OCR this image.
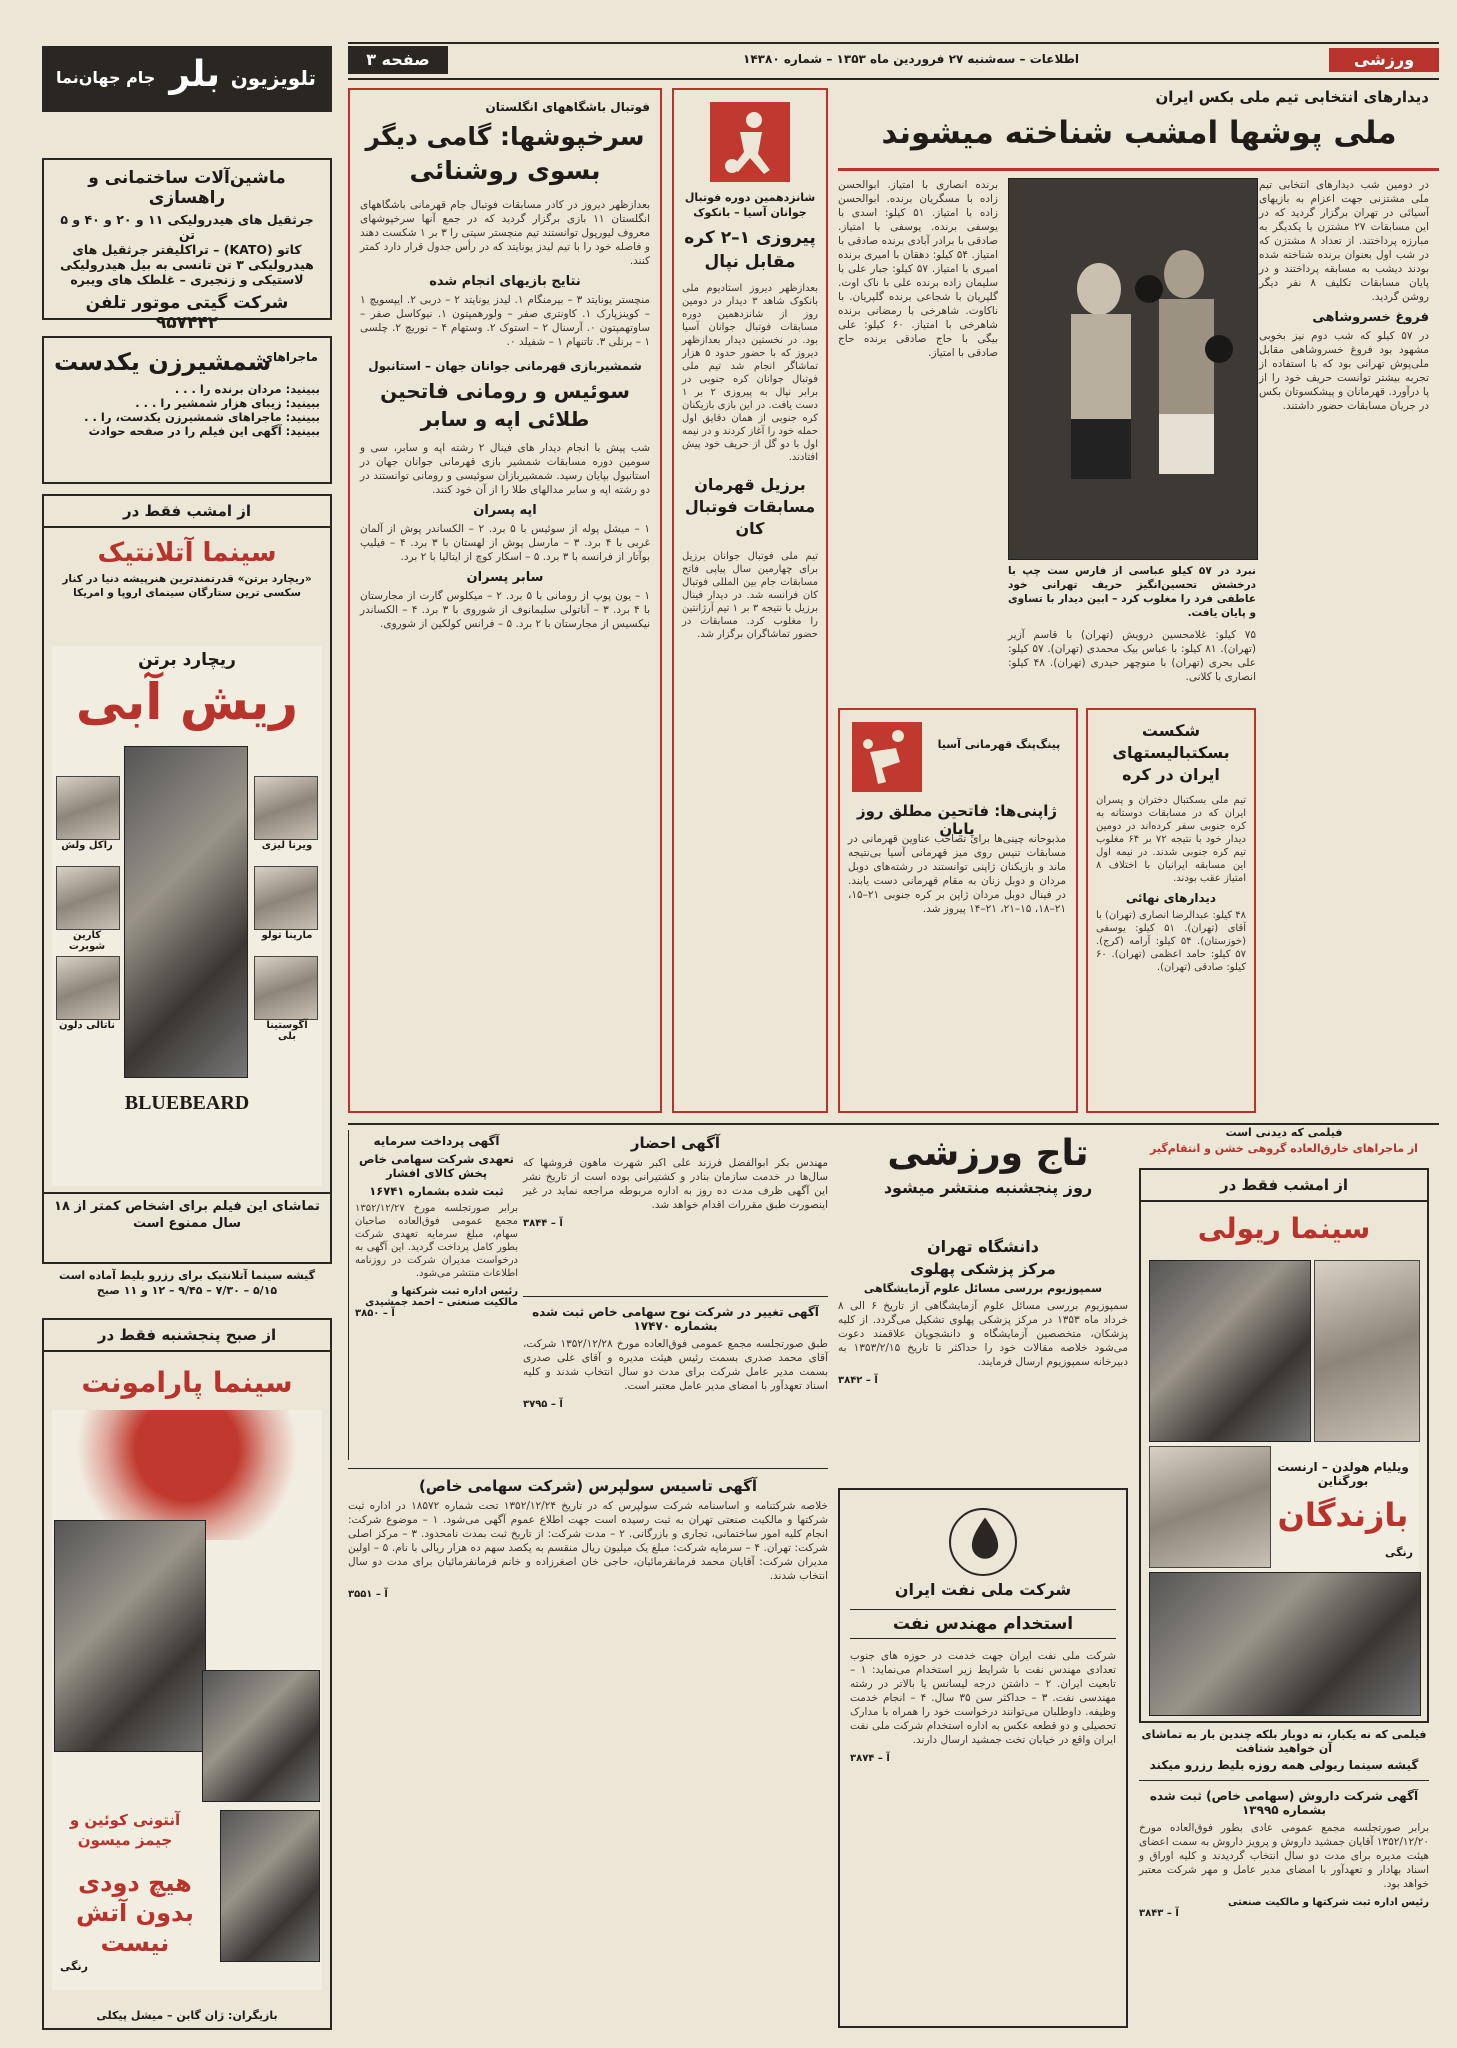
ورزشی
اطلاعات – سه‌شنبه ۲۷ فروردین ماه ۱۳۵۳ – شماره ۱۴۳۸۰
صفحه ۳
تلویزیون
بلر
جام جهان‌نما
ماشین‌آلات ساختمانی و راهسازی
جرثقیل های هیدرولیکی ۱۱ و ۲۰ و ۴۰ و ۵ تن
کاتو (KATO) – تراکلیفتر جرثقیل های
هیدرولیکی ۳ تن تانسی به بیل هیدرولیکی
لاستیکی و زنجیری – غلطک های ویبره
شرکت گیتی موتور تلفن ۹۵۷۴۴۲
ماجراهای
شمشیرزن یکدست
ببینید: مردان برنده را . . .
ببینید: زیبای هزار شمشیر را . . .
ببینید: ماجراهای شمشیرزن یکدست، را . .
ببینید: آگهی این فیلم را در صفحه حوادث
از امشب فقط در
سینما آتلانتیک
«ریچارد برتن» قدرتمندترین هنرپیشه دنیا در کنار سکسی ترین ستارگان سینمای اروپا و امریکا
ریچارد برتن
ریش آبی
راکل ولش	ویرنا لیزی
کارین شوبرت
مارینا تولو
ناتالی دلون	آگوستینا بلی
BLUEBEARD
تماشای این فیلم برای اشخاص کمتر از ۱۸ سال ممنوع است
گیشه سینما آتلانتیک برای رزرو بلیط آماده است
۵/۱۵ – ۷/۳۰ – ۹/۴۵ – ۱۲ و ۱۱ صبح
از صبح پنجشنبه فقط در
سینما پارامونت
آنتونی کوئین و جیمز میسون
هیچ دودی بدون آتش نیست
رنگی
بازیگران: ژان گابن – میشل پیکلی
فوتبال باشگاههای انگلستان
سرخپوشها: گامی دیگر بسوی روشنائی

بعدازظهر دیروز در کادر مسابقات فوتبال جام قهرمانی باشگاههای انگلستان ۱۱ بازی برگزار گردید که در جمع آنها سرخپوشهای معروف لیورپول توانستند تیم منچستر سیتی را ۳ بر ۱ شکست دهند و فاصله خود را با تیم لیدز یونایتد که در رأس جدول قرار دارد کمتر کنند.

نتایج بازیهای انجام شده

منچستر یونایتد ۳ – بیرمنگام ۱. لیدز یونایتد ۲ – دربی ۲. ایپسویچ ۱ – کوینزپارک ۱. کاونتری صفر – ولورهمپتون ۱. نیوکاسل صفر – ساوتهمپتون ۰. آرسنال ۲ – استوک ۲. وستهام ۴ – نوریچ ۲. چلسی ۱ – برنلی ۳. تاتنهام ۱ – شفیلد ۰.

شمشیربازی قهرمانی جوانان جهان – استانبول
سوئیس و رومانی فاتحین طلائی اپه و سابر

شب پیش با انجام دیدار های فینال ۲ رشته اپه و سابر، سی و سومین دوره مسابقات شمشیر بازی قهرمانی جوانان جهان در استانبول بپایان رسید. شمشیربازان سوئیسی و رومانی توانستند در دو رشته اپه و سابر مدالهای طلا را از آن خود کنند.

اپه پسران

۱ – میشل پوله از سوئیس با ۵ برد. ۲ – الکساندر پوش از آلمان غربی با ۴ برد. ۳ – مارسل پوش از لهستان با ۳ برد. ۴ – فیلیپ بوآتار از فرانسه با ۳ برد. ۵ – اسکار کوچ از ایتالیا با ۲ برد.

سابر پسران

۱ – یون پوپ از رومانی با ۵ برد. ۲ – میکلوس گارت از مجارستان با ۴ برد. ۳ – آناتولی سلیمانوف از شوروی با ۳ برد. ۴ – الکساندر نیکسیس از مجارستان با ۲ برد. ۵ – فرانس کولکین از شوروی.

شانزدهمین دوره فوتبال جوانان آسیا – بانکوک
پیروزی ۱–۲ کره مقابل نپال

بعدازظهر دیروز استادیوم ملی بانکوک شاهد ۳ دیدار در دومین روز از شانزدهمین دوره مسابقات فوتبال جوانان آسیا بود. در نخستین دیدار بعدازظهر دیروز که با حضور حدود ۵ هزار تماشاگر انجام شد تیم ملی فوتبال جوانان کره جنوبی در برابر نپال به پیروزی ۲ بر ۱ دست یافت. در این بازی بازیکنان کره جنوبی از همان دقایق اول حمله خود را آغاز کردند و در نیمه اول با دو گل از حریف خود پیش افتادند.

برزیل قهرمان مسابقات فوتبال کان

تیم ملی فوتبال جوانان برزیل برای چهارمین سال پیاپی فاتح مسابقات جام بین المللی فوتبال کان فرانسه شد. در دیدار فینال برزیل با نتیجه ۳ بر ۱ تیم آرژانتین را مغلوب کرد. مسابقات در حضور تماشاگران برگزار شد.

دیدارهای انتخابی تیم ملی بکس ایران
ملی پوشها امشب شناخته میشوند

در دومین شب دیدارهای انتخابی تیم ملی مشتزنی جهت اعزام به بازیهای آسیائی در تهران برگزار گردید که در این مسابقات ۲۷ مشتزن با یکدیگر به مبارزه پرداختند. از تعداد ۸ مشتزن که در شب اول بعنوان برنده شناخته شده بودند دیشب به مسابقه پرداختند و در پایان مسابقات تکلیف ۸ نفر دیگر روشن گردید.

فروغ خسروشاهی

در ۵۷ کیلو که شب دوم نیز بخوبی مشهود بود فروغ خسروشاهی مقابل ملی‌پوش تهرانی بود که با استفاده از تجربه بیشتر توانست حریف خود را از پا درآورد. قهرمانان و پیشکسوتان بکس در جریان مسابقات حضور داشتند.

برنده انصاری با امتیاز. ابوالحسن زاده با مسگریان برنده. ابوالحسن زاده با امتیاز. ۵۱ کیلو: اسدی با یوسفی برنده. یوسفی با امتیاز. صادقی با برادر آبادی برنده صادقی با امتیاز. ۵۴ کیلو: دهقان با امیری برنده امیری با امتیاز. ۵۷ کیلو: جبار علی با سلیمان زاده برنده علی با ناک اوت. گلپریان با شجاعی برنده گلپریان. با ناکاوت. شاهرخی با رمضانی برنده شاهرخی با امتیاز. ۶۰ کیلو: علی بیگی با حاج صادقی برنده حاج صادقی با امتیاز.

نبرد در ۵۷ کیلو عباسی از فارس ست چپ با درخشش تحسین‌انگیز حریف تهرانی خود عاطفی فرد را مغلوب کرد – ابین دیدار با تساوی و پایان یافت.

۷۵ کیلو: غلامحسین درویش (تهران) با قاسم آزیر (تهران). ۸۱ کیلو: با عباس بیک محمدی (تهران). ۵۷ کیلو: علی بحری (تهران) با منوچهر حیدری (تهران). ۴۸ کیلو: انصاری با کلانی.

پینگ‌پنگ قهرمانی آسیا
ژاپنی‌ها: فاتحین مطلق روز پایان

مذبوحانه چینی‌ها برای تصاحب عناوین قهرمانی در مسابقات تنیس روی میز قهرمانی آسیا بی‌نتیجه ماند و بازیکنان ژاپنی توانستند در رشته‌های دوبل مردان و دوبل زنان به مقام قهرمانی دست یابند. در فینال دوبل مردان ژاپن بر کره جنوبی ۲۱–۱۵، ۲۱–۱۸، ۱۵–۲۱، ۲۱–۱۴ پیروز شد.

شکست بسکتبالیستهای ایران در کره

تیم ملی بسکتبال دختران و پسران ایران که در مسابقات دوستانه به کره جنوبی سفر کرده‌اند در دومین دیدار خود با نتیجه ۷۲ بر ۶۴ مغلوب تیم کره جنوبی شدند. در نیمه اول این مسابقه ایرانیان با اختلاف ۸ امتیاز عقب بودند.

دیدارهای نهائی

۴۸ کیلو: عبدالرضا انصاری (تهران) با آقای (تهران). ۵۱ کیلو: یوسفی (خوزستان). ۵۴ کیلو: آرامه (کرج). ۵۷ کیلو: حامد اعظمی (تهران). ۶۰ کیلو: صادقی (تهران).

تاج ورزشی
روز پنجشنبه منتشر میشود
آگهی پرداخت سرمایه
تعهدی شرکت سهامی خاص پخش کالای افشار
ثبت شده بشماره ۱۶۷۴۱

برابر صورتجلسه مورخ ۱۳۵۲/۱۲/۲۷ مجمع عمومی فوق‌العاده صاحبان سهام، مبلغ سرمایه تعهدی شرکت بطور کامل پرداخت گردید. این آگهی به درخواست مدیران شرکت در روزنامه اطلاعات منتشر می‌شود.

رئیس اداره ثبت شرکتها و مالکیت صنعتی – احمد جمشیدی
آ – ۳۸۵۰
آگهی احضار

مهندس بکر ابوالفضل فرزند علی اکبر شهرت ماهون فروشها که سال‌ها در خدمت سازمان بنادر و کشتیرانی بوده است از تاریخ نشر این آگهی ظرف مدت ده روز به اداره مربوطه مراجعه نماید در غیر اینصورت طبق مقررات اقدام خواهد شد.

آ – ۳۸۴۴
آگهی تغییر در شرکت نوح سهامی خاص ثبت شده بشماره ۱۷۴۷۰

طبق صورتجلسه مجمع عمومی فوق‌العاده مورخ ۱۳۵۲/۱۲/۲۸ شرکت، آقای محمد صدری بسمت رئیس هیئت مدیره و آقای علی صدری بسمت مدیر عامل شرکت برای مدت دو سال انتخاب شدند و کلیه اسناد تعهدآور با امضای مدیر عامل معتبر است.

آ – ۳۷۹۵
دانشگاه تهران
مرکز پزشکی پهلوی
سمپوزیوم بررسی مسائل علوم آزمایشگاهی

سمپوزیوم بررسی مسائل علوم آزمایشگاهی از تاریخ ۶ الی ۸ خرداد ماه ۱۳۵۳ در مرکز پزشکی پهلوی تشکیل می‌گردد. از کلیه پزشکان، متخصصین آزمایشگاه و دانشجویان علاقمند دعوت می‌شود خلاصه مقالات خود را حداکثر تا تاریخ ۱۳۵۳/۲/۱۵ به دبیرخانه سمپوزیوم ارسال فرمایند.

آ – ۳۸۴۲
آگهی تاسیس سولپرس (شرکت سهامی خاص)

خلاصه شرکتنامه و اساسنامه شرکت سولپرس که در تاریخ ۱۳۵۲/۱۲/۲۴ تحت شماره ۱۸۵۷۲ در اداره ثبت شرکتها و مالکیت صنعتی تهران به ثبت رسیده است جهت اطلاع عموم آگهی می‌شود. ۱ – موضوع شرکت: انجام کلیه امور ساختمانی، تجاری و بازرگانی. ۲ – مدت شرکت: از تاریخ ثبت بمدت نامحدود. ۳ – مرکز اصلی شرکت: تهران. ۴ – سرمایه شرکت: مبلغ یک میلیون ریال منقسم به یکصد سهم ده هزار ریالی با نام. ۵ – اولین مدیران شرکت: آقایان محمد فرمانفرمائیان، حاجی خان اصغرزاده و خانم فرمانفرمائیان برای مدت دو سال انتخاب شدند.

آ – ۳۵۵۱	شرکت ملی نفت ایران
استخدام مهندس نفت

شرکت ملی نفت ایران جهت خدمت در حوزه های جنوب تعدادی مهندس نفت با شرایط زیر استخدام می‌نماید: ۱ – تابعیت ایران. ۲ – داشتن درجه لیسانس یا بالاتر در رشته مهندسی نفت. ۳ – حداکثر سن ۳۵ سال. ۴ – انجام خدمت وظیفه. داوطلبان می‌توانند درخواست خود را همراه با مدارک تحصیلی و دو قطعه عکس به اداره استخدام شرکت ملی نفت ایران واقع در خیابان تخت جمشید ارسال دارند.

آ – ۳۸۷۴
فیلمی که دیدنی است
از ماجراهای خارق‌العاده گروهی خشن و انتقام‌گیر
از امشب فقط در
سینما ریولی
ویلیام هولدن – ارنست بورگناین
بازندگان
رنگی
فیلمی که نه یکبار، نه دوبار بلکه چندین بار به تماشای آن خواهید شتافت
گیشه سینما ریولی همه روزه بلیط رزرو میکند
آگهی شرکت داروش (سهامی خاص) ثبت شده بشماره ۱۳۹۹۵

برابر صورتجلسه مجمع عمومی عادی بطور فوق‌العاده مورخ ۱۳۵۲/۱۲/۲۰ آقایان جمشید داروش و پرویز داروش به سمت اعضای هیئت مدیره برای مدت دو سال انتخاب گردیدند و کلیه اوراق و اسناد بهادار و تعهدآور با امضای مدیر عامل و مهر شرکت معتبر خواهد بود.

رئیس اداره ثبت شرکتها و مالکیت صنعتی
آ – ۳۸۴۳
